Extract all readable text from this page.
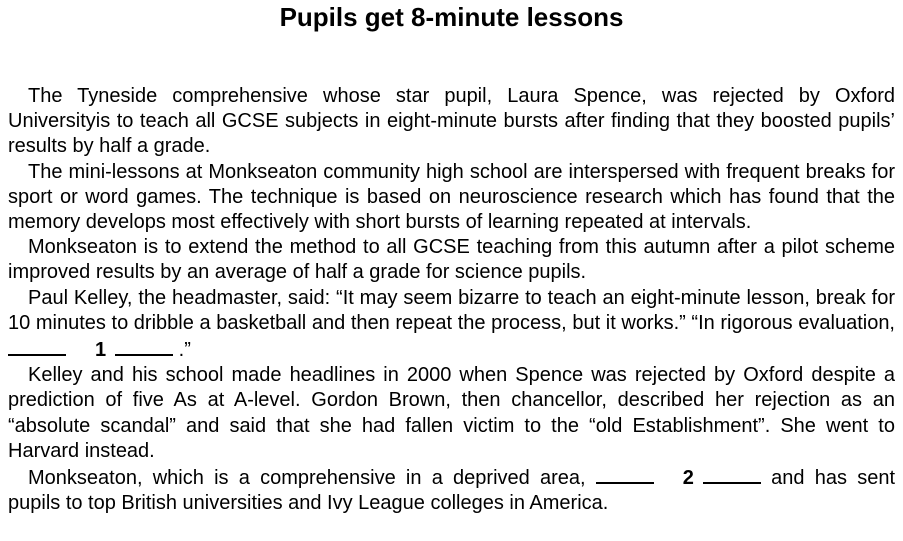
Pupils get 8-minute lessons

The Tyneside comprehensive whose star pupil, Laura Spence, was rejected by Oxford Universityis to teach all GCSE subjects in eight-minute bursts after finding that they boosted pupils’ results by half a grade.

The mini-lessons at Monkseaton community high school are interspersed with frequent breaks for sport or word games. The technique is based on neuroscience research which has found that the memory develops most effectively with short bursts of learning repeated at intervals.

Monkseaton is to extend the method to all GCSE teaching from this autumn after a pilot scheme improved results by an average of half a grade for science pupils.

Paul Kelley, the headmaster, said: “It may seem bizarre to teach an eight-minute lesson, break for 10 minutes to dribble a basketball and then repeat the process, but it works.” “In rigorous evaluation, 1	.”

Kelley and his school made headlines in 2000 when Spence was rejected by Oxford despite a prediction of five As at A-level. Gordon Brown, then chancellor, described her rejection as an “absolute scandal” and said that she had fallen victim to the “old Establishment”. She went to Harvard instead.

Monkseaton, which is a comprehensive in a deprived area,	2	and has sent pupils to top British universities and Ivy League colleges in America.
